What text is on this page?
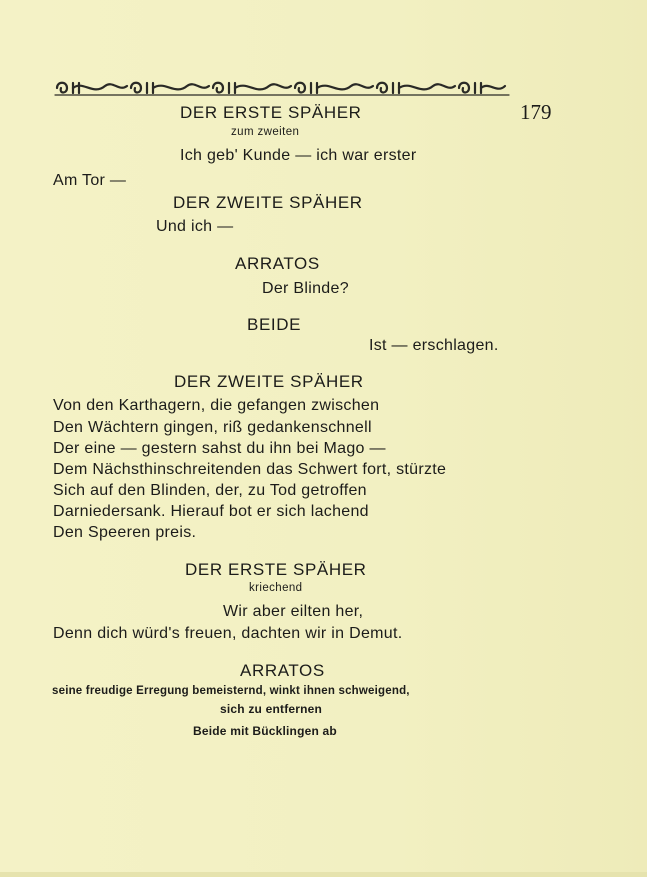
179
DER ERSTE SPÄHER
zum zweiten
Ich geb' Kunde — ich war erster
Am Tor —
DER ZWEITE SPÄHER
Und ich —
ARRATOS
Der Blinde?
BEIDE
Ist — erschlagen.
DER ZWEITE SPÄHER
Von den Karthagern, die gefangen zwischen
Den Wächtern gingen, riß gedankenschnell
Der eine — gestern sahst du ihn bei Mago —
Dem Nächsthinschreitenden das Schwert fort, stürzte
Sich auf den Blinden, der, zu Tod getroffen
Darniedersank. Hierauf bot er sich lachend
Den Speeren preis.
DER ERSTE SPÄHER
kriechend
Wir aber eilten her,
Denn dich würd's freuen, dachten wir in Demut.
ARRATOS
seine freudige Erregung bemeisternd, winkt ihnen schweigend,
sich zu entfernen
Beide mit Bücklingen ab
